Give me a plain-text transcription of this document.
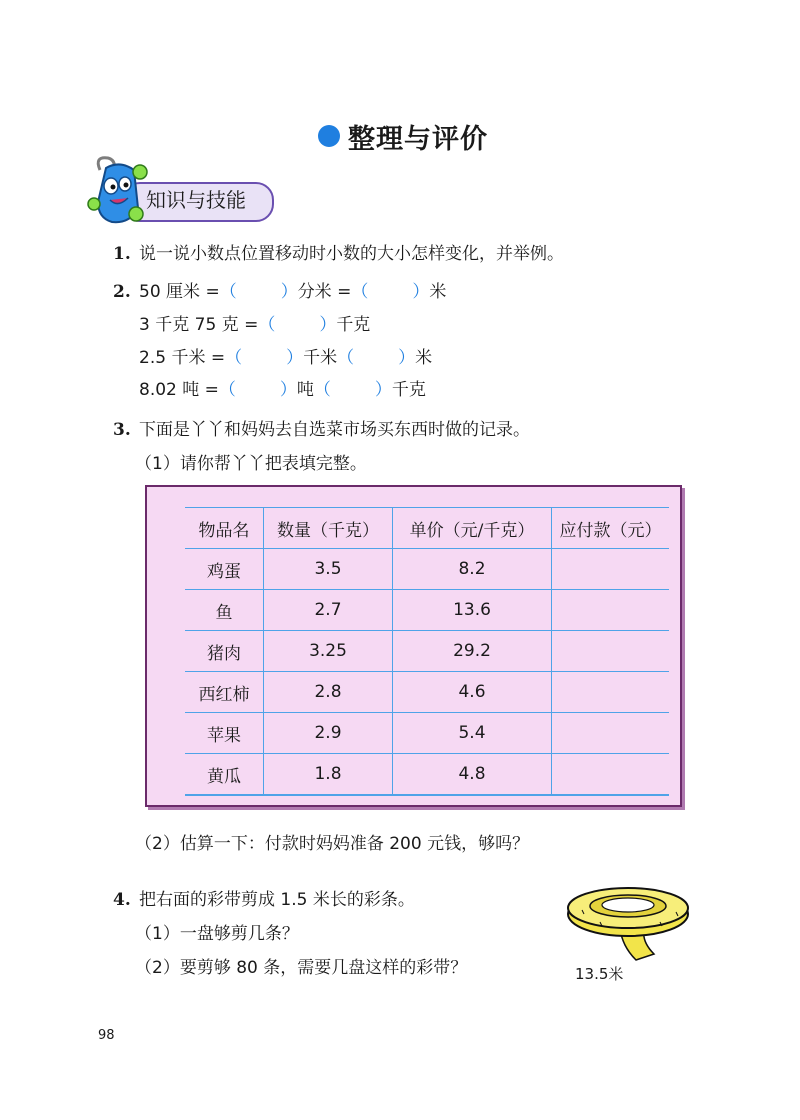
整理与评价
知识与技能
1. 说一说小数点位置移动时小数的大小怎样变化，并举例。
2. 50 厘米 =（	）分米 =（	）米
3 千克 75 克 =（	）千克
2.5 千米 =（	）千米（	）米
8.02 吨 =（	）吨（	）千克
3. 下面是丫丫和妈妈去自选菜市场买东西时做的记录。
（1）请你帮丫丫把表填完整。
物品名	数量（千克）	单价（元/千克）	应付款（元）
鸡蛋	3.5	8.2	
鱼	2.7	13.6	
猪肉	3.25	29.2	
西红柿	2.8	4.6	
苹果	2.9	5.4	
黄瓜	1.8	4.8	
（2）估算一下：付款时妈妈准备 200 元钱，够吗？
4. 把右面的彩带剪成 1.5 米长的彩条。
（1）一盘够剪几条？
（2）要剪够 80 条，需要几盘这样的彩带？	13.5米
98
